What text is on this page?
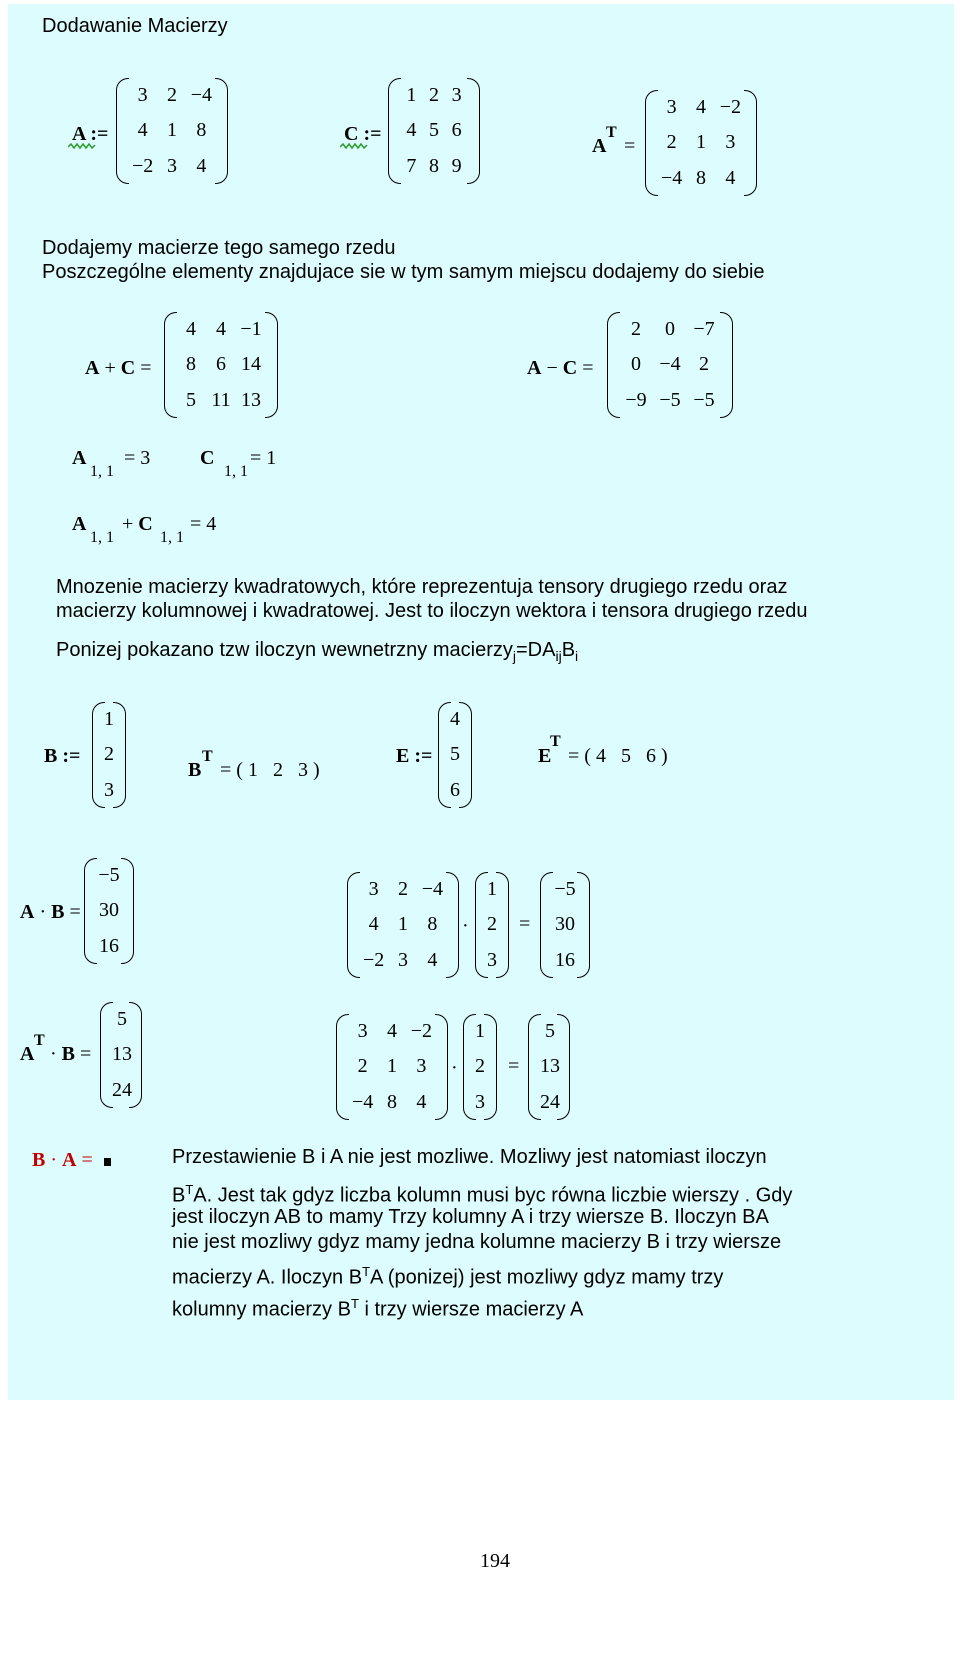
Dodawanie Macierzy
A :=
3 2 −4
4 1 8
−2 3 4
C :=
1 2 3
4 5 6
7 8 9
A
T
=
3 4 −2
2 1 3
−4 8 4
Dodajemy macierze tego samego rzedu
Poszczególne elementy znajdujace sie w tym samym miejscu dodajemy do siebie
A + C =
4	4 −1
8	6 14
5 11 13
A − C =
2	0 −7
0 −4 2
−9 −5 −5
A
1, 1
= 3 C
1, 1
= 1
A
1, 1
+ C
1, 1
= 4
Mnozenie macierzy kwadratowych, które reprezentuja tensory drugiego rzedu oraz
macierzy kolumnowej i kwadratowej. Jest to iloczyn wektora i tensora drugiego rzedu
Ponizej pokazano tzw iloczyn wewnetrzny $macierzy_j=DA_{ij}B_i$
B :=
1
2
3
B
T
= ( 1   2   3 )
E :=
4
5
6
E
T
= ( 4   5   6 )
A · B =
−5
30
16
3 2 −4
4 1 8
−2 3 4
·
1
2
3
=
−5
30
16
A
T
· B =
5
13
24
3 4 −2
2 1 3
−4 8 4
·
1
2
3
=
5
13
24
B · A =	Przestawienie B i A nie jest mozliwe. Mozliwy jest natomiast iloczyn
$B^TA$. Jest tak gdyz liczba kolumn musi byc równa liczbie wierszy . Gdy
jest iloczyn AB to mamy Trzy kolumny A i trzy wiersze B. Iloczyn BA
nie jest mozliwy gdyz mamy jedna kolumne macierzy B i trzy wiersze
macierzy A. Iloczyn $B^TA$ (ponizej) jest mozliwy gdyz mamy trzy
kolumny macierzy $B^T$ i trzy wiersze macierzy A
194
